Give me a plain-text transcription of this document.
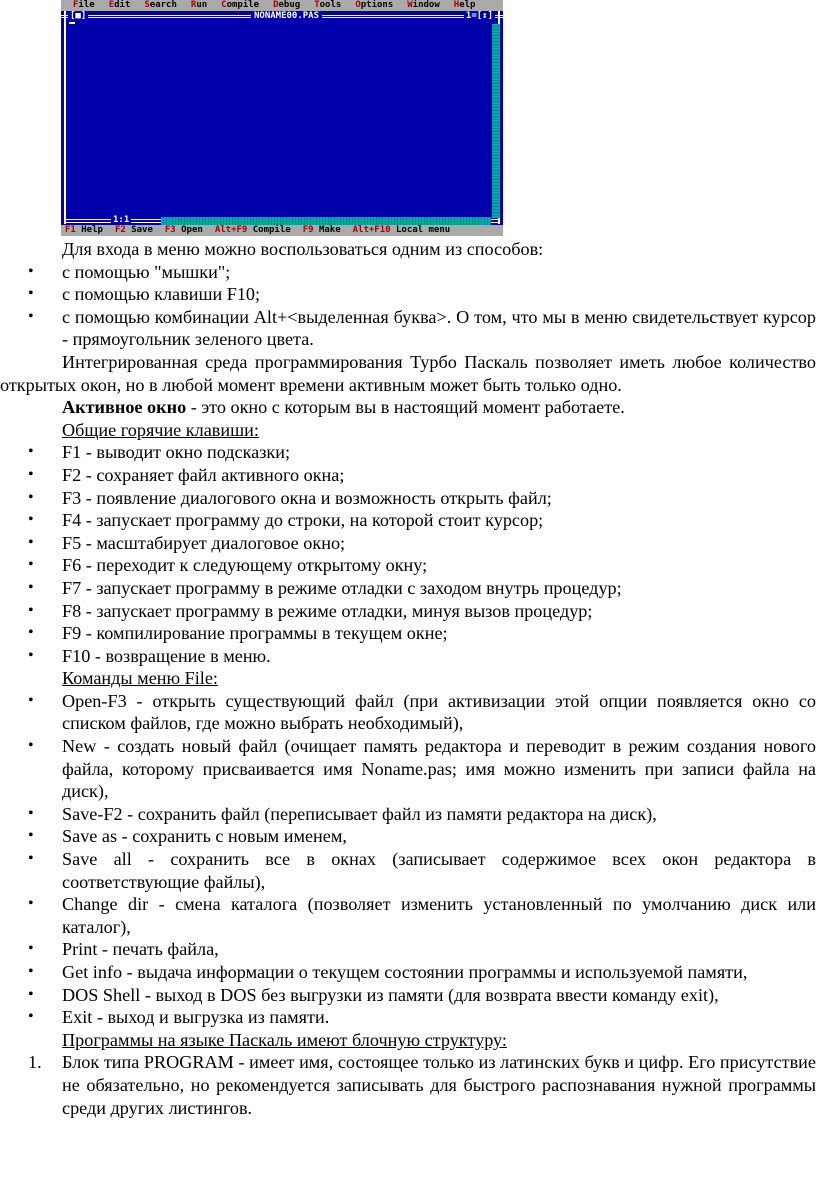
File Edit Search Run Compile Debug Tools Options Window Help
[■]	NONAME00.PAS	1=[↕]
1:1
F1 Help F2 Save F3 Open Alt+F9 Compile F9 Make Alt+F10 Local menu
Для входа в меню можно воспользоваться одним из способов:
•	с помощью "мышки";
•	с помощью клавиши F10;
•	с помощью комбинации Alt+<выделенная буква>. О том, что мы в меню свидетельствует курсор - прямоугольник зеленого цвета.
Интегрированная среда программирования Турбо Паскаль позволяет иметь любое количество открытых окон, но в любой момент времени активным может быть только одно.
Активное окно - это окно с которым вы в настоящий момент работаете.
Общие горячие клавиши:
•	F1 - выводит окно подсказки;
•	F2 - сохраняет файл активного окна;
•	F3 - появление диалогового окна и возможность открыть файл;
•	F4 - запускает программу до строки, на которой стоит курсор;
•	F5 - масштабирует диалоговое окно;
•	F6 - переходит к следующему открытому окну;
•	F7 - запускает программу в режиме отладки с заходом внутрь процедур;
•	F8 - запускает программу в режиме отладки, минуя вызов процедур;
•	F9 - компилирование программы в текущем окне;
•	F10 - возвращение в меню.
Команды меню File:
•	Open-F3 - открыть существующий файл (при активизации этой опции появляется окно со списком файлов, где можно выбрать необходимый),
•	New - создать новый файл (очищает память редактора и переводит в режим создания нового файла, которому присваивается имя Noname.pas; имя можно изменить при записи файла на диск),
•	Save-F2 - сохранить файл (переписывает файл из памяти редактора на диск),
•	Save as - сохранить с новым именем,
•	Save all - сохранить все в окнах (записывает содержимое всех окон редактора в соответствующие файлы),
•	Change dir - смена каталога (позволяет изменить установленный по умолчанию диск или каталог),
•	Print - печать файла,
•	Get info - выдача информации о текущем состоянии программы и используемой памяти,
•	DOS Shell - выход в DOS без выгрузки из памяти (для возврата ввести команду exit),
•	Exit - выход и выгрузка из памяти.
Программы на языке Паскаль имеют блочную структуру:
1. Блок типа PROGRAM - имеет имя, состоящее только из латинских букв и цифр. Его присутствие не обязательно, но рекомендуется записывать для быстрого распознавания нужной программы среди других листингов.
